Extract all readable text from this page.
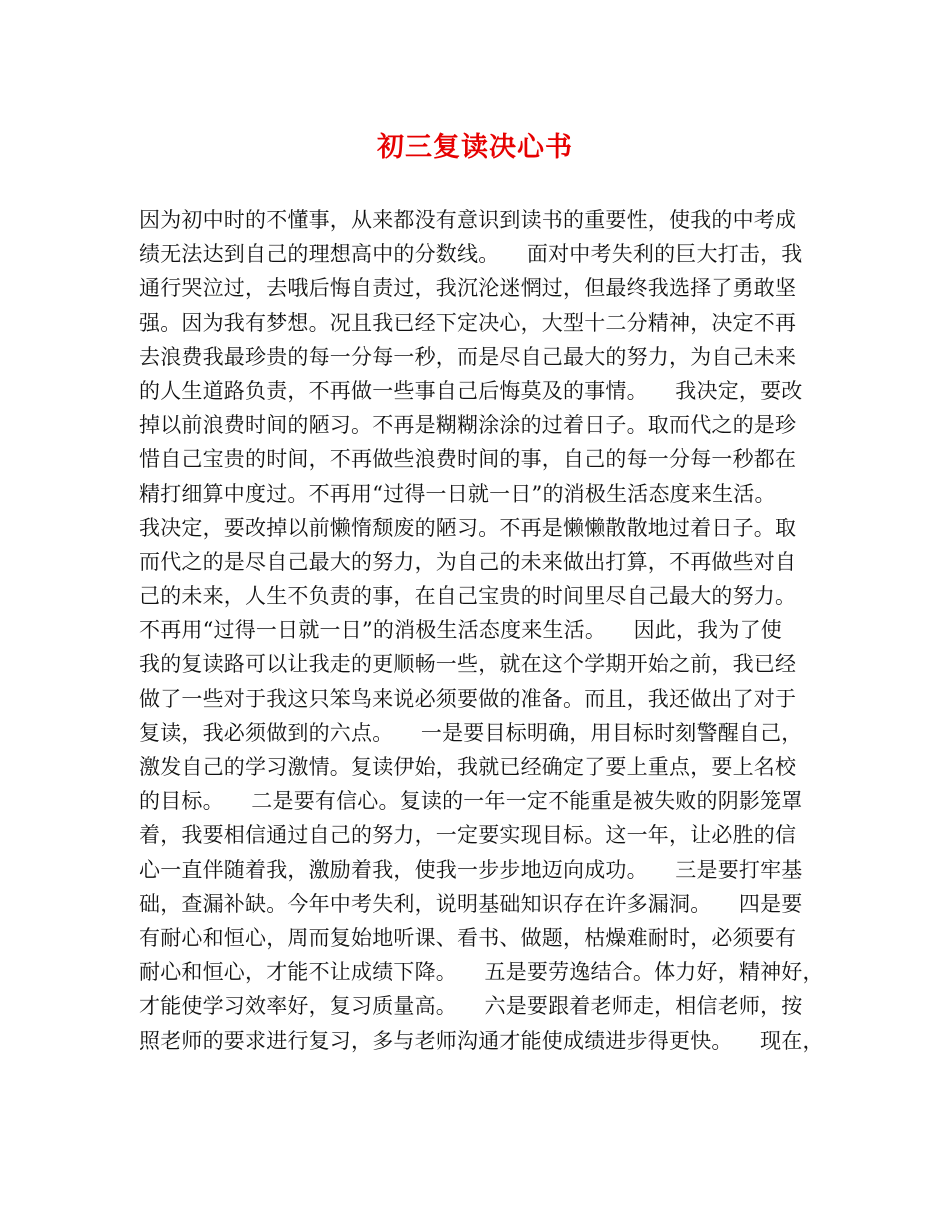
初三复读决心书
因为初中时的不懂事，从来都没有意识到读书的重要性，使我的中考成
绩无法达到自己的理想高中的分数线。    面对中考失利的巨大打击，我
通行哭泣过，去哦后悔自责过，我沉沦迷惘过，但最终我选择了勇敢坚
强。因为我有梦想。况且我已经下定决心，大型十二分精神，决定不再
去浪费我最珍贵的每一分每一秒，而是尽自己最大的努力，为自己未来
的人生道路负责，不再做一些事自己后悔莫及的事情。    我决定，要改
掉以前浪费时间的陋习。不再是糊糊涂涂的过着日子。取而代之的是珍
惜自己宝贵的时间，不再做些浪费时间的事，自己的每一分每一秒都在
精打细算中度过。不再用“过得一日就一日”的消极生活态度来生活。
我决定，要改掉以前懒惰颓废的陋习。不再是懒懒散散地过着日子。取
而代之的是尽自己最大的努力，为自己的未来做出打算，不再做些对自
己的未来，人生不负责的事，在自己宝贵的时间里尽自己最大的努力。
不再用“过得一日就一日”的消极生活态度来生活。    因此，我为了使
我的复读路可以让我走的更顺畅一些，就在这个学期开始之前，我已经
做了一些对于我这只笨鸟来说必须要做的准备。而且，我还做出了对于
复读，我必须做到的六点。    一是要目标明确，用目标时刻警醒自己，
激发自己的学习激情。复读伊始，我就已经确定了要上重点，要上名校
的目标。    二是要有信心。复读的一年一定不能重是被失败的阴影笼罩
着，我要相信通过自己的努力，一定要实现目标。这一年，让必胜的信
心一直伴随着我，激励着我，使我一步步地迈向成功。    三是要打牢基
础，查漏补缺。今年中考失利，说明基础知识存在许多漏洞。    四是要
有耐心和恒心，周而复始地听课、看书、做题，枯燥难耐时，必须要有
耐心和恒心，才能不让成绩下降。    五是要劳逸结合。体力好，精神好，
才能使学习效率好，复习质量高。    六是要跟着老师走，相信老师，按
照老师的要求进行复习，多与老师沟通才能使成绩进步得更快。    现在，
